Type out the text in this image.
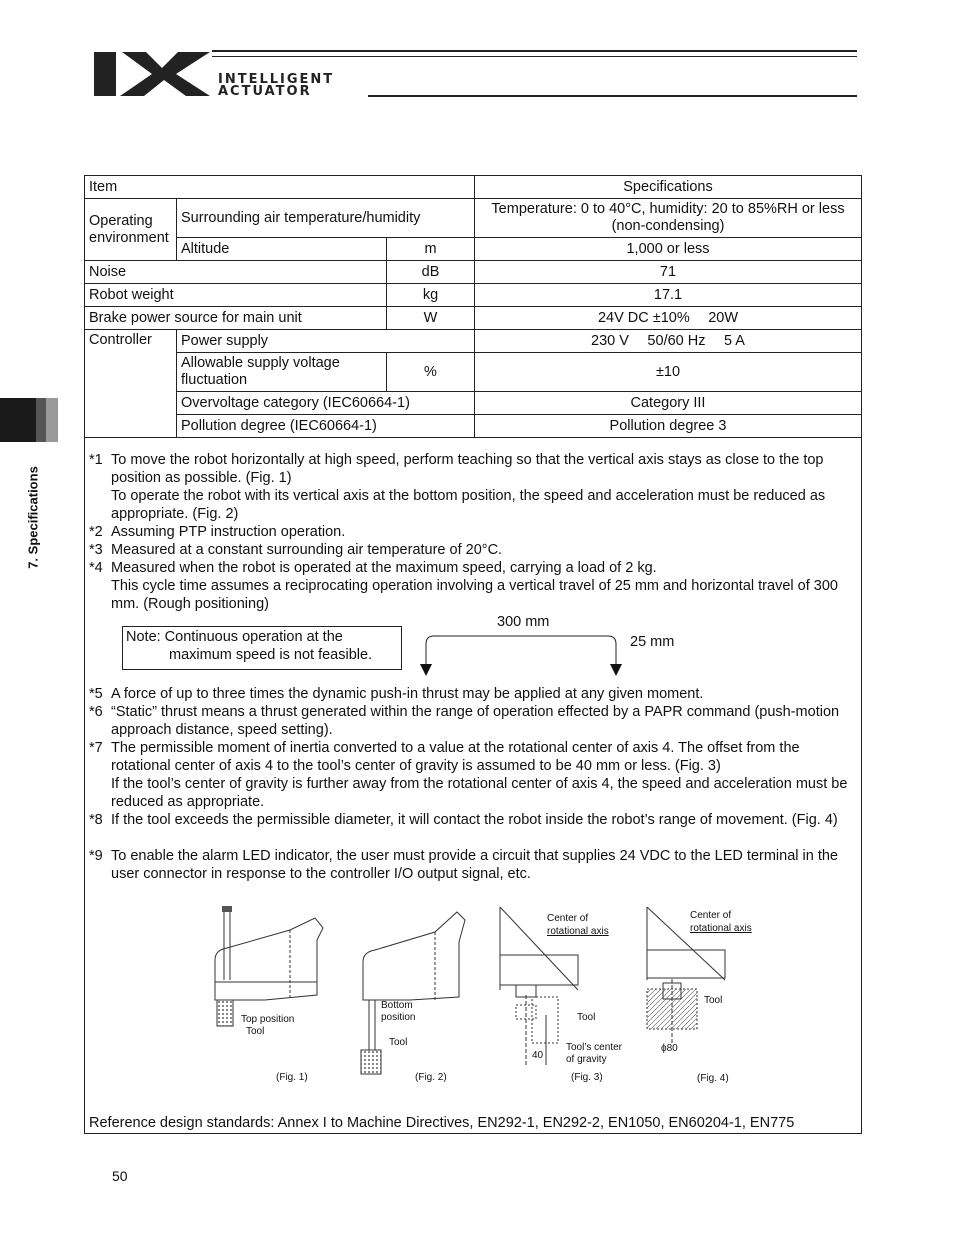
INTELLIGENT
ACTUATOR
7. Specifications
Item			Specifications
Operating environment	Surrounding air temperature/humidity		Temperature: 0 to 40°C, humidity: 20 to 85%RH or less (non-condensing)
	Altitude	m	1,000 or less
Noise		dB	71
Robot weight		kg	17.1
Brake power source for main unit		W	24V DC ±10%　 20W
Controller	Power supply		230 V　 50/60 Hz　 5 A
	Allowable supply voltage fluctuation	%	±10
	Overvoltage category (IEC60664-1)		Category III
	Pollution degree (IEC60664-1)		Pollution degree 3
*1 To move the robot horizontally at high speed, perform teaching so that the vertical axis stays as close to the top position as possible. (Fig. 1)
To operate the robot with its vertical axis at the bottom position, the speed and acceleration must be reduced as appropriate. (Fig. 2)
*2 Assuming PTP instruction operation.
*3 Measured at a constant surrounding air temperature of 20°C.
*4 Measured when the robot is operated at the maximum speed, carrying a load of 2 kg.
This cycle time assumes a reciprocating operation involving a vertical travel of 25 mm and horizontal travel of 300 mm. (Rough positioning)
Note: Continuous operation at the
maximum speed is not feasible.
300 mm
25 mm
*5 A force of up to three times the dynamic push-in thrust may be applied at any given moment.
*6 “Static” thrust means a thrust generated within the range of operation effected by a PAPR command (push-motion approach distance, speed setting).
*7 The permissible moment of inertia converted to a value at the rotational center of axis 4. The offset from the rotational center of axis 4 to the tool’s center of gravity is assumed to be 40 mm or less. (Fig. 3)
If the tool’s center of gravity is further away from the rotational center of axis 4, the speed and acceleration must be reduced as appropriate.
*8 If the tool exceeds the permissible diameter, it will contact the robot inside the robot’s range of movement. (Fig. 4)
*9 To enable the alarm LED indicator, the user must provide a circuit that supplies 24 VDC to the LED terminal in the user connector in response to the controller I/O output signal, etc.
Top position
Tool
Bottom
position
Tool
Center of
rotational axis
Tool
Tool’s center
of gravity
40
Center of
rotational axis
Tool
ϕ80
(Fig. 1)	(Fig. 2)	(Fig. 3)	(Fig. 4)
Reference design standards: Annex I to Machine Directives, EN292-1, EN292-2, EN1050, EN60204-1, EN775
50
